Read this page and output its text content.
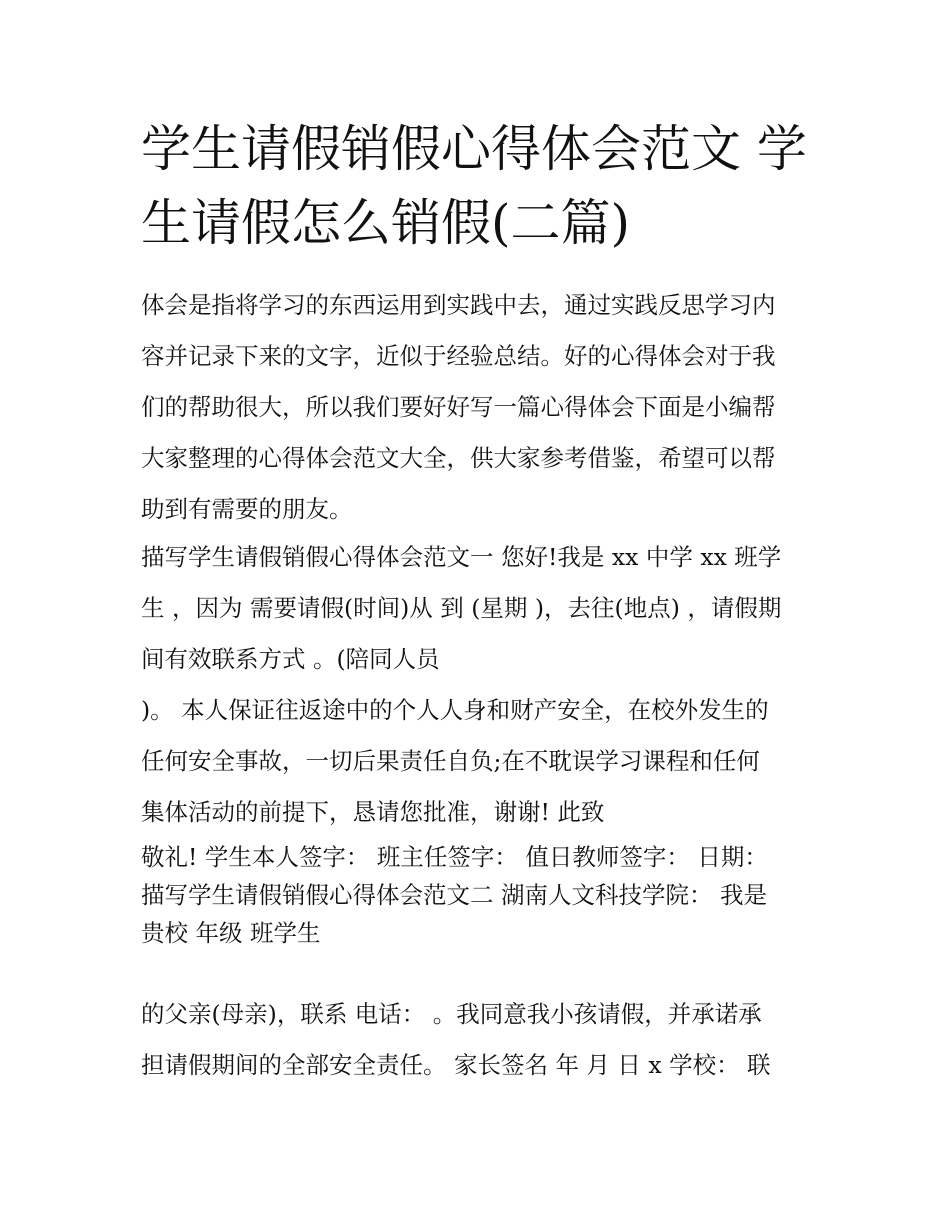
学生请假销假心得体会范文 学
生请假怎么销假(二篇)
体会是指将学习的东西运用到实践中去，通过实践反思学习内
容并记录下来的文字，近似于经验总结。好的心得体会对于我
们的帮助很大，所以我们要好好写一篇心得体会下面是小编帮
大家整理的心得体会范文大全，供大家参考借鉴，希望可以帮
助到有需要的朋友。
描写学生请假销假心得体会范文一 您好!我是 xx 中学 xx 班学
生 ，因为 需要请假(时间)从 到 (星期 )，去往(地点) ，请假期
间有效联系方式 。(陪同人员
)。 本人保证往返途中的个人人身和财产安全，在校外发生的
任何安全事故，一切后果责任自负;在不耽误学习课程和任何
集体活动的前提下，恳请您批准，谢谢! 此致
敬礼! 学生本人签字： 班主任签字： 值日教师签字： 日期：
描写学生请假销假心得体会范文二 湖南人文科技学院： 我是
贵校 年级 班学生
的父亲(母亲)，联系 电话： 。我同意我小孩请假，并承诺承
担请假期间的全部安全责任。 家长签名 年 月 日 x 学校： 联
